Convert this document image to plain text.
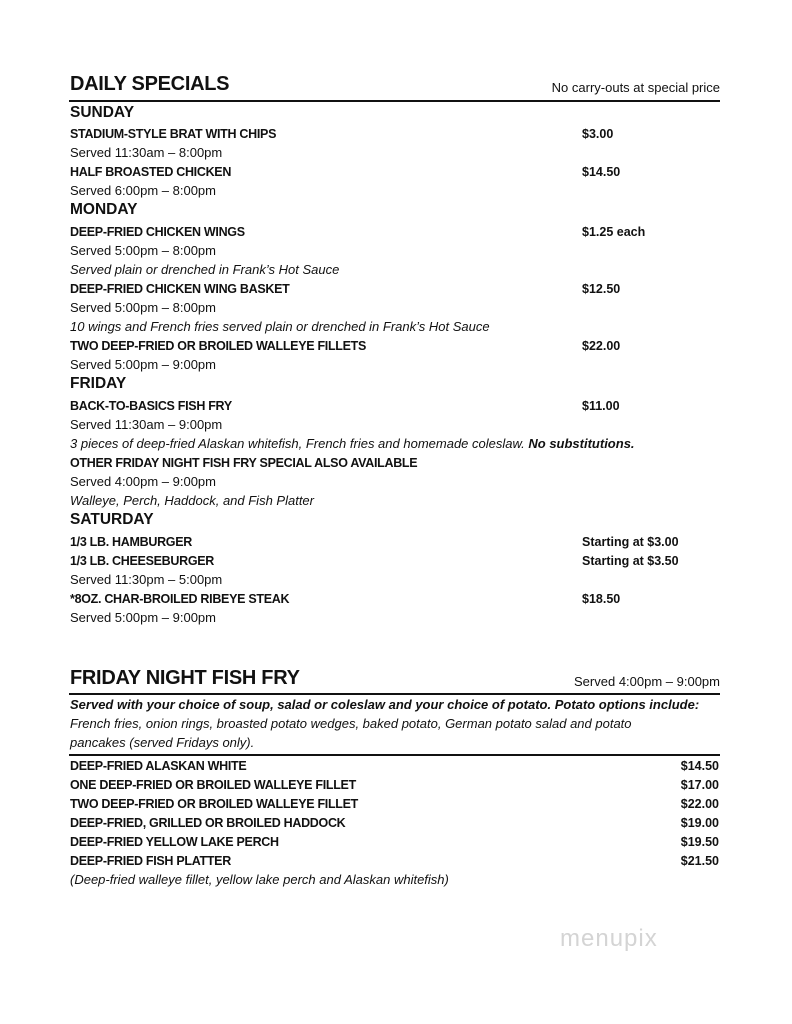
DAILY SPECIALS	No carry-outs at special price
SUNDAY
STADIUM-STYLE BRAT WITH CHIPS	$3.00
Served 11:30am – 8:00pm
HALF BROASTED CHICKEN	$14.50
Served 6:00pm – 8:00pm
MONDAY
DEEP-FRIED CHICKEN WINGS	$1.25 each
Served 5:00pm – 8:00pm
Served plain or drenched in Frank’s Hot Sauce
DEEP-FRIED CHICKEN WING BASKET	$12.50
Served 5:00pm – 8:00pm
10 wings and French fries served plain or drenched in Frank’s Hot Sauce
TWO DEEP-FRIED OR BROILED WALLEYE FILLETS	$22.00
Served 5:00pm – 9:00pm
FRIDAY
BACK-TO-BASICS FISH FRY	$11.00
Served 11:30am – 9:00pm
3 pieces of deep-fried Alaskan whitefish, French fries and homemade coleslaw. No substitutions.
OTHER FRIDAY NIGHT FISH FRY SPECIAL ALSO AVAILABLE
Served 4:00pm – 9:00pm
Walleye, Perch, Haddock, and Fish Platter
SATURDAY
1/3 LB. HAMBURGER	Starting at $3.00
1/3 LB. CHEESEBURGER	Starting at $3.50
Served 11:30pm – 5:00pm
*8OZ. CHAR-BROILED RIBEYE STEAK	$18.50
Served 5:00pm – 9:00pm
FRIDAY NIGHT FISH FRY	Served 4:00pm – 9:00pm
Served with your choice of soup, salad or coleslaw and your choice of potato. Potato options include:
French fries, onion rings, broasted potato wedges, baked potato, German potato salad and potato
pancakes (served Fridays only).
DEEP-FRIED ALASKAN WHITE	$14.50
ONE DEEP-FRIED OR BROILED WALLEYE FILLET	$17.00
TWO DEEP-FRIED OR BROILED WALLEYE FILLET	$22.00
DEEP-FRIED, GRILLED OR BROILED HADDOCK	$19.00
DEEP-FRIED YELLOW LAKE PERCH	$19.50
DEEP-FRIED FISH PLATTER	$21.50
(Deep-fried walleye fillet, yellow lake perch and Alaskan whitefish)
menupix
